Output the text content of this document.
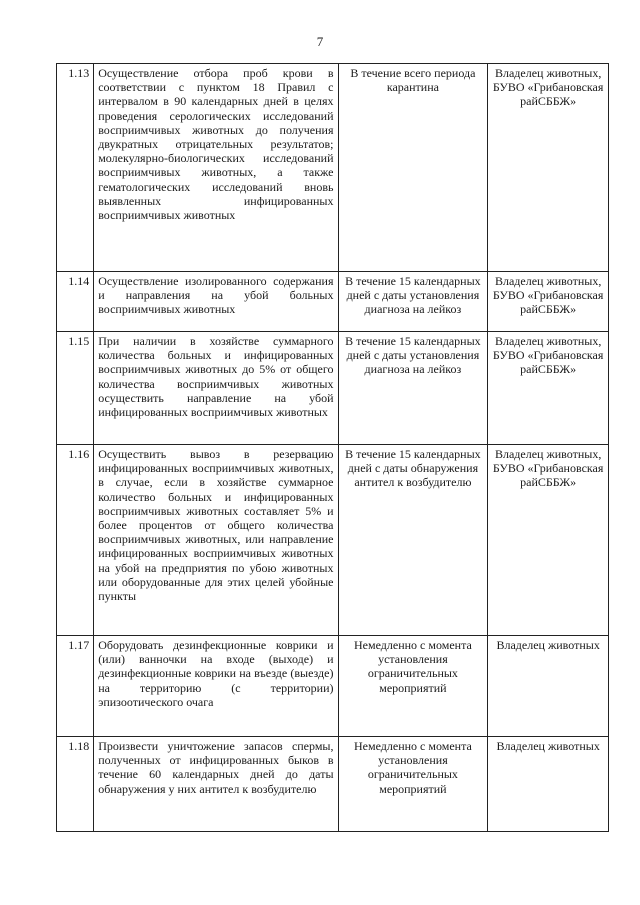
7
1.13	Осуществление отбора проб крови в соответствии с пунктом 18 Правил с интервалом в 90 календарных дней в целях проведения серологических исследований восприимчивых животных до получения двукратных отрицательных результатов; молекулярно-биологических исследований восприимчивых животных, а также гематологических исследований вновь выявленных инфицированных восприимчивых животных	В течение всего периода карантина	Владелец животных, БУВО «Грибановская райСББЖ»
1.14	Осуществление изолированного содержания и направления на убой больных восприимчивых животных	В течение 15 календарных дней с даты установления диагноза на лейкоз	Владелец животных, БУВО «Грибановская райСББЖ»
1.15	При наличии в хозяйстве суммарного количества больных и инфицированных восприимчивых животных до 5% от общего количества восприимчивых животных осуществить направление на убой инфицированных восприимчивых животных	В течение 15 календарных дней с даты установления диагноза на лейкоз	Владелец животных, БУВО «Грибановская райСББЖ»
1.16	Осуществить вывоз в резервацию инфицированных восприимчивых животных, в случае, если в хозяйстве суммарное количество больных и инфицированных восприимчивых животных составляет 5% и более процентов от общего количества восприимчивых животных, или направление инфицированных восприимчивых животных на убой на предприятия по убою животных или оборудованные для этих целей убойные пункты	В течение 15 календарных дней с даты обнаружения антител к возбудителю	Владелец животных, БУВО «Грибановская райСББЖ»
1.17	Оборудовать дезинфекционные коврики и (или) ванночки на входе (выходе) и дезинфекционные коврики на въезде (выезде) на территорию (с территории) эпизоотического очага	Немедленно с момента установления ограничительных мероприятий	Владелец животных
1.18	Произвести уничтожение запасов спермы, полученных от инфицированных быков в течение 60 календарных дней до даты обнаружения у них антител к возбудителю	Немедленно с момента установления ограничительных мероприятий	Владелец животных
